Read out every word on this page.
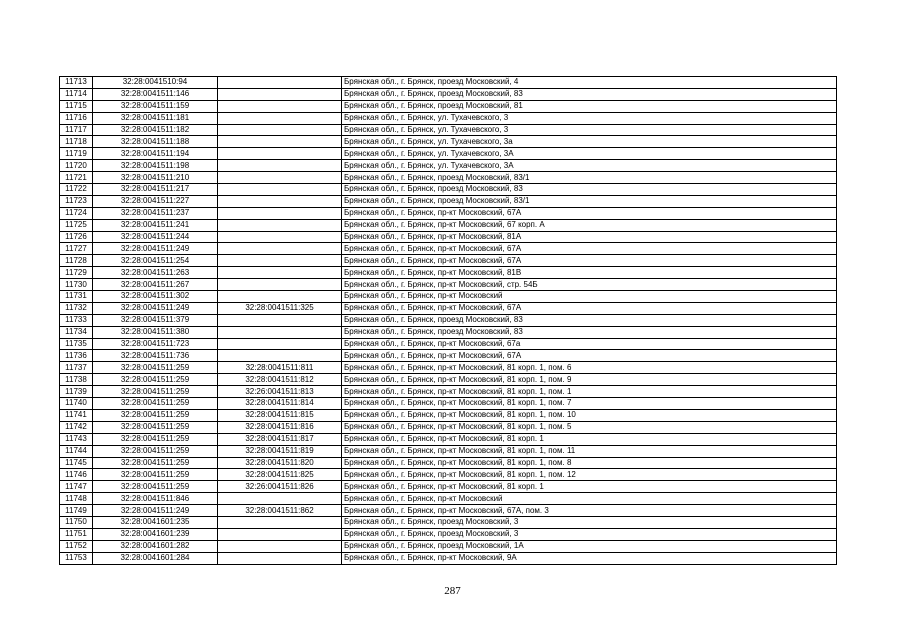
11713	32:28:0041510:94		Брянская обл., г. Брянск, проезд Московский, 4
11714	32:28:0041511:146		Брянская обл., г. Брянск, проезд Московский, 83
11715	32:28:0041511:159		Брянская обл., г. Брянск, проезд Московский, 81
11716	32:28:0041511:181		Брянская обл., г. Брянск, ул. Тухачевского, 3
11717	32:28:0041511:182		Брянская обл., г. Брянск, ул. Тухачевского, 3
11718	32:28:0041511:188		Брянская обл., г. Брянск, ул. Тухачевского, 3а
11719	32:28:0041511:194		Брянская обл., г. Брянск, ул. Тухачевского, 3А
11720	32:28:0041511:198		Брянская обл., г. Брянск, ул. Тухачевского, 3А
11721	32:28:0041511:210		Брянская обл., г. Брянск, проезд Московский, 83/1
11722	32:28:0041511:217		Брянская обл., г. Брянск, проезд Московский, 83
11723	32:28:0041511:227		Брянская обл., г. Брянск, проезд Московский, 83/1
11724	32:28:0041511:237		Брянская обл., г. Брянск, пр-кт Московский, 67А
11725	32:28:0041511:241		Брянская обл., г. Брянск, пр-кт Московский, 67 корп. А
11726	32:28:0041511:244		Брянская обл., г. Брянск, пр-кт Московский, 81А
11727	32:28:0041511:249		Брянская обл., г. Брянск, пр-кт Московский, 67А
11728	32:28:0041511:254		Брянская обл., г. Брянск, пр-кт Московский, 67А
11729	32:28:0041511:263		Брянская обл., г. Брянск, пр-кт Московский, 81В
11730	32:28:0041511:267		Брянская обл., г. Брянск, пр-кт Московский, стр. 54Б
11731	32:28:0041511:302		Брянская обл., г. Брянск, пр-кт Московский
11732	32:28:0041511:249	32:28:0041511:325	Брянская обл., г. Брянск, пр-кт Московский, 67А
11733	32:28:0041511:379		Брянская обл., г. Брянск, проезд Московский, 83
11734	32:28:0041511:380		Брянская обл., г. Брянск, проезд Московский, 83
11735	32:28:0041511:723		Брянская обл., г. Брянск, пр-кт Московский, 67а
11736	32:28:0041511:736		Брянская обл., г. Брянск, пр-кт Московский, 67А
11737	32:28:0041511:259	32:28:0041511:811	Брянская обл., г. Брянск, пр-кт Московский, 81 корп. 1, пом. 6
11738	32:28:0041511:259	32:28:0041511:812	Брянская обл., г. Брянск, пр-кт Московский, 81 корп. 1, пом. 9
11739	32:28:0041511:259	32:26:0041511:813	Брянская обл., г. Брянск, пр-кт Московский, 81 корп. 1, пом. 1
11740	32:28:0041511:259	32:28:0041511:814	Брянская обл., г. Брянск, пр-кт Московский, 81 корп. 1, пом. 7
11741	32:28:0041511:259	32:28:0041511:815	Брянская обл., г. Брянск, пр-кт Московский, 81 корп. 1, пом. 10
11742	32:28:0041511:259	32:28:0041511:816	Брянская обл., г. Брянск, пр-кт Московский, 81 корп. 1, пом. 5
11743	32:28:0041511:259	32:28:0041511:817	Брянская обл., г. Брянск, пр-кт Московский, 81 корп. 1
11744	32:28:0041511:259	32:28:0041511:819	Брянская обл., г. Брянск, пр-кт Московский, 81 корп. 1, пом. 11
11745	32:28:0041511:259	32:28:0041511:820	Брянская обл., г. Брянск, пр-кт Московский, 81 корп. 1, пом. 8
11746	32:28:0041511:259	32:28:0041511:825	Брянская обл., г. Брянск, пр-кт Московский, 81 корп. 1, пом. 12
11747	32:28:0041511:259	32:26:0041511:826	Брянская обл., г. Брянск, пр-кт Московский, 81 корп. 1
11748	32:28:0041511:846		Брянская обл., г. Брянск, пр-кт Московский
11749	32:28:0041511:249	32:28:0041511:862	Брянская обл., г. Брянск, пр-кт Московский, 67А, пом. 3
11750	32:28:0041601:235		Брянская обл., г. Брянск, проезд Московский, 3
11751	32:28:0041601:239		Брянская обл., г. Брянск, проезд Московский, 3
11752	32:28:0041601:282		Брянская обл., г. Брянск, проезд Московский, 1А
11753	32:28:0041601:284		Брянская обл., г. Брянск, пр-кт Московский, 9А
287
